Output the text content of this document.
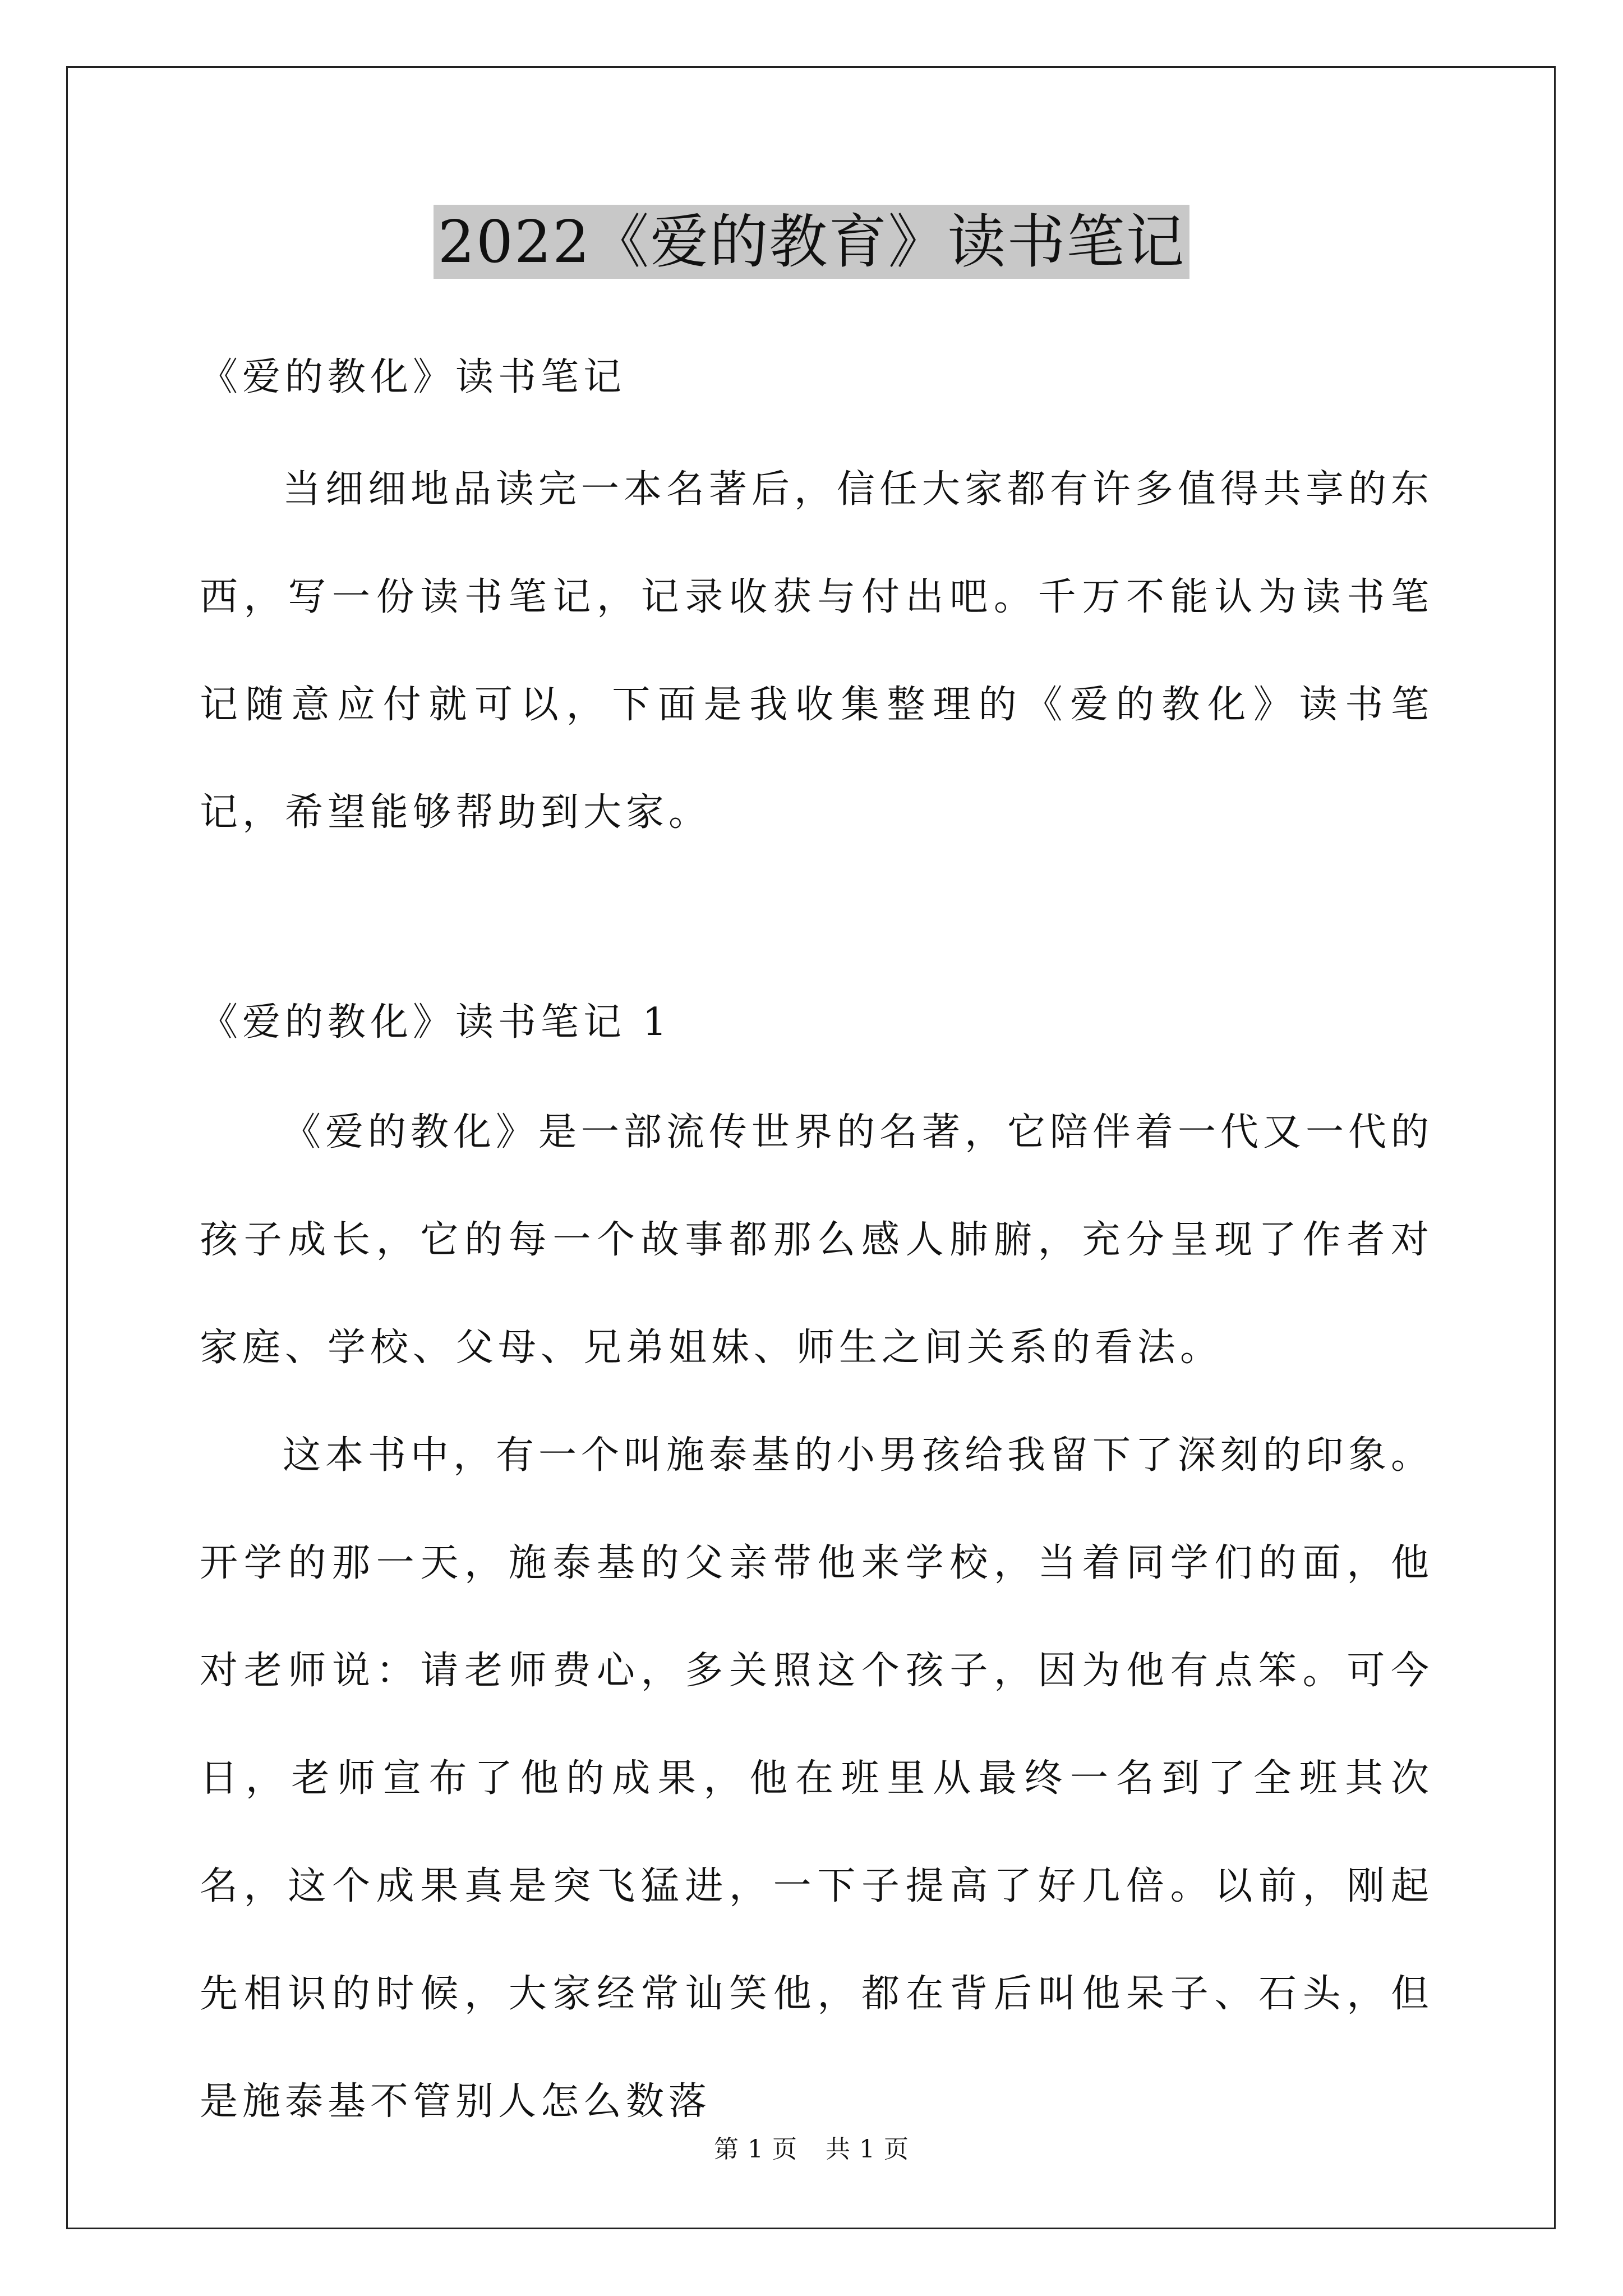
2022《爱的教育》读书笔记
《爱的教化》读书笔记

当细细地品读完一本名著后，信任大家都有许多值得共享的东西，写一份读书笔记，记录收获与付出吧。千万不能认为读书笔记随意应付就可以，下面是我收集整理的《爱的教化》读书笔记，希望能够帮助到大家。

《爱的教化》读书笔记 1

《爱的教化》是一部流传世界的名著，它陪伴着一代又一代的孩子成长，它的每一个故事都那么感人肺腑，充分呈现了作者对家庭、学校、父母、兄弟姐妹、师生之间关系的看法。

这本书中，有一个叫施泰基的小男孩给我留下了深刻的印象。开学的那一天，施泰基的父亲带他来学校，当着同学们的面，他对老师说：请老师费心，多关照这个孩子，因为他有点笨。可今日，老师宣布了他的成果，他在班里从最终一名到了全班其次名，这个成果真是突飞猛进，一下子提高了好几倍。以前，刚起先相识的时候，大家经常讪笑他，都在背后叫他呆子、石头，但是施泰基不管别人怎么数落

第 1 页 共 1 页
